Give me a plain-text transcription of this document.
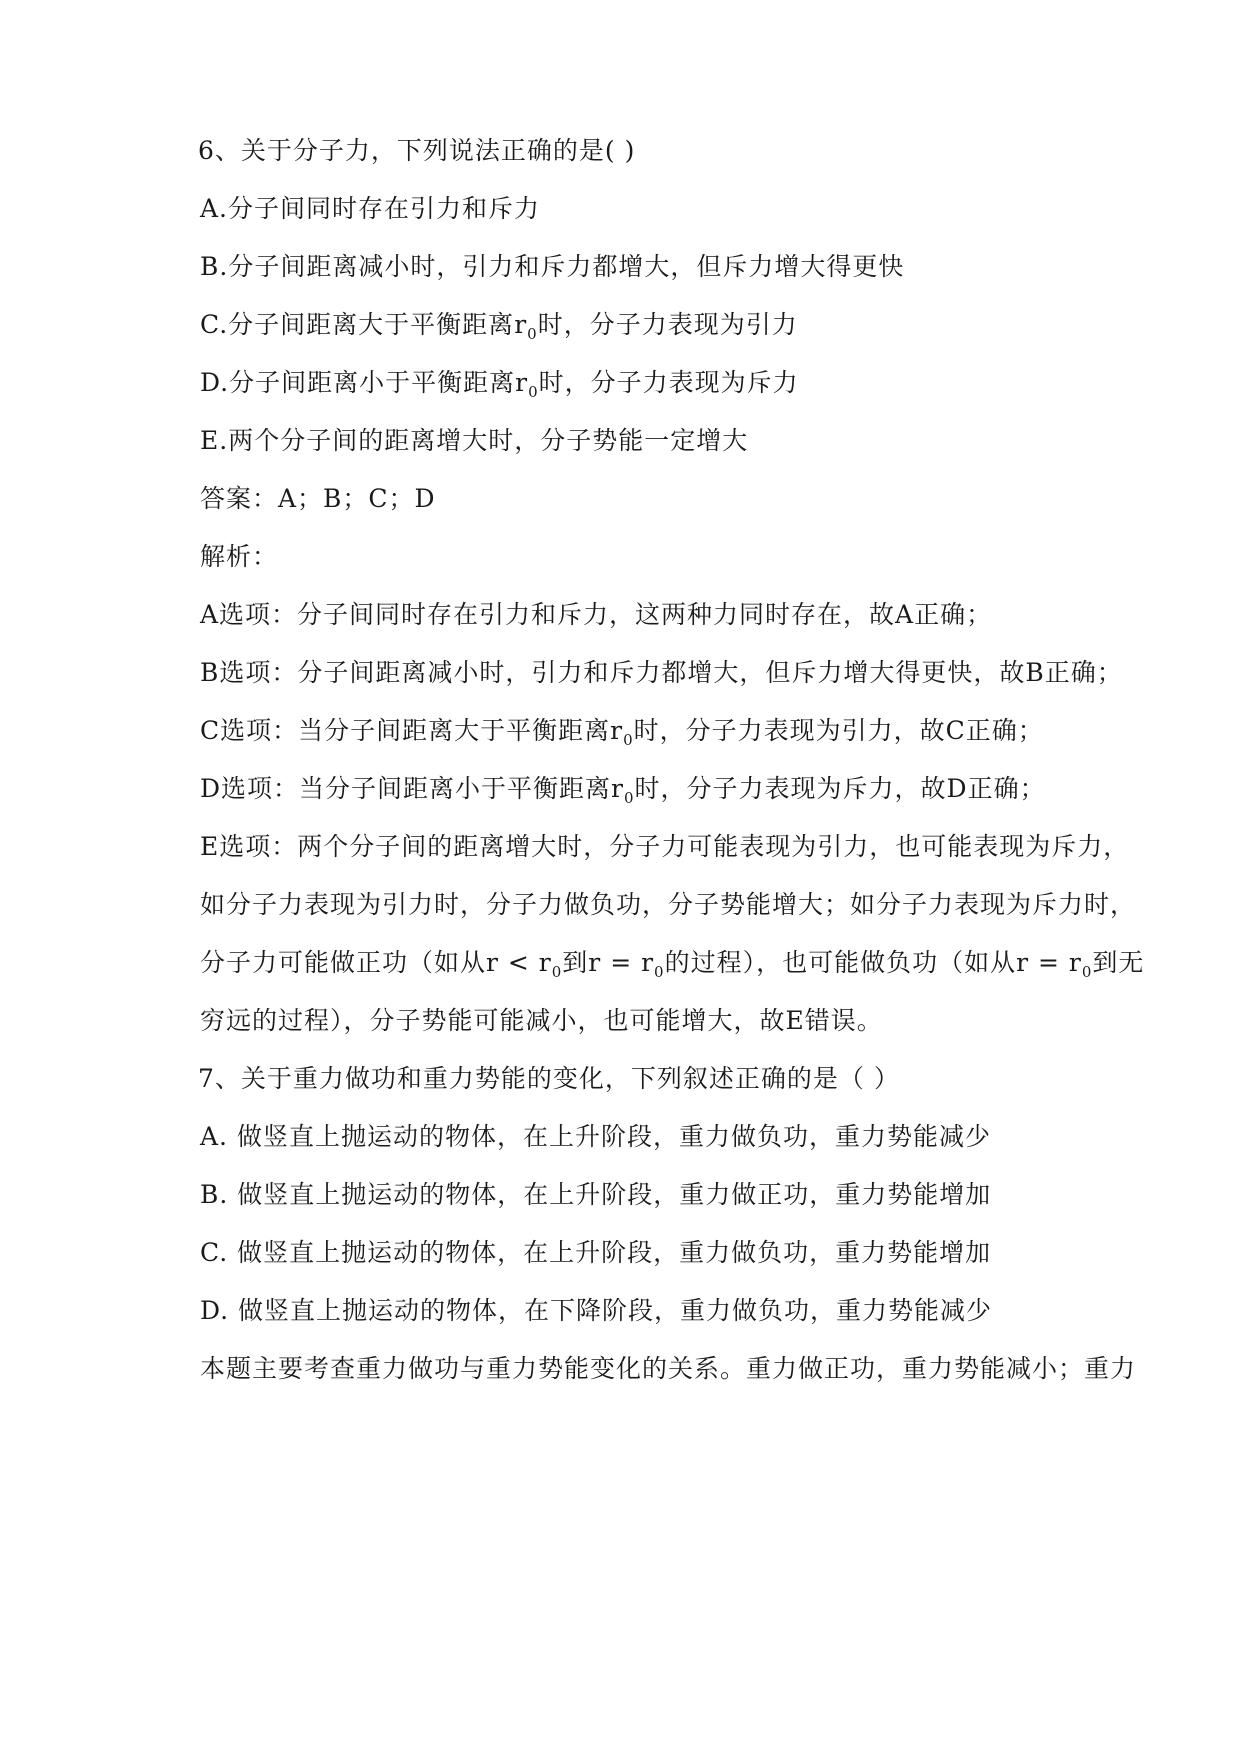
6、关于分子力，下列说法正确的是( )
A.分子间同时存在引力和斥力
B.分子间距离减小时，引力和斥力都增大，但斥力增大得更快
C.分子间距离大于平衡距离$r_0$时，分子力表现为引力
D.分子间距离小于平衡距离$r_0$时，分子力表现为斥力
E.两个分子间的距离增大时，分子势能一定增大
答案：A；B；C；D
解析：
A选项：分子间同时存在引力和斥力，这两种力同时存在，故A正确；
B选项：分子间距离减小时，引力和斥力都增大，但斥力增大得更快，故B正确；
C选项：当分子间距离大于平衡距离$r_0$时，分子力表现为引力，故C正确；
D选项：当分子间距离小于平衡距离$r_0$时，分子力表现为斥力，故D正确；
E选项：两个分子间的距离增大时，分子力可能表现为引力，也可能表现为斥力，
如分子力表现为引力时，分子力做负功，分子势能增大；如分子力表现为斥力时，
分子力可能做正功（如从$r < r_0$到$r = r_0$的过程），也可能做负功（如从$r = r_0$到无
穷远的过程），分子势能可能减小，也可能增大，故E错误。
7、关于重力做功和重力势能的变化，下列叙述正确的是（ ）
A. 做竖直上抛运动的物体，在上升阶段，重力做负功，重力势能减少
B. 做竖直上抛运动的物体，在上升阶段，重力做正功，重力势能增加
C. 做竖直上抛运动的物体，在上升阶段，重力做负功，重力势能增加
D. 做竖直上抛运动的物体，在下降阶段，重力做负功，重力势能减少
本题主要考查重力做功与重力势能变化的关系。重力做正功，重力势能减小；重力
